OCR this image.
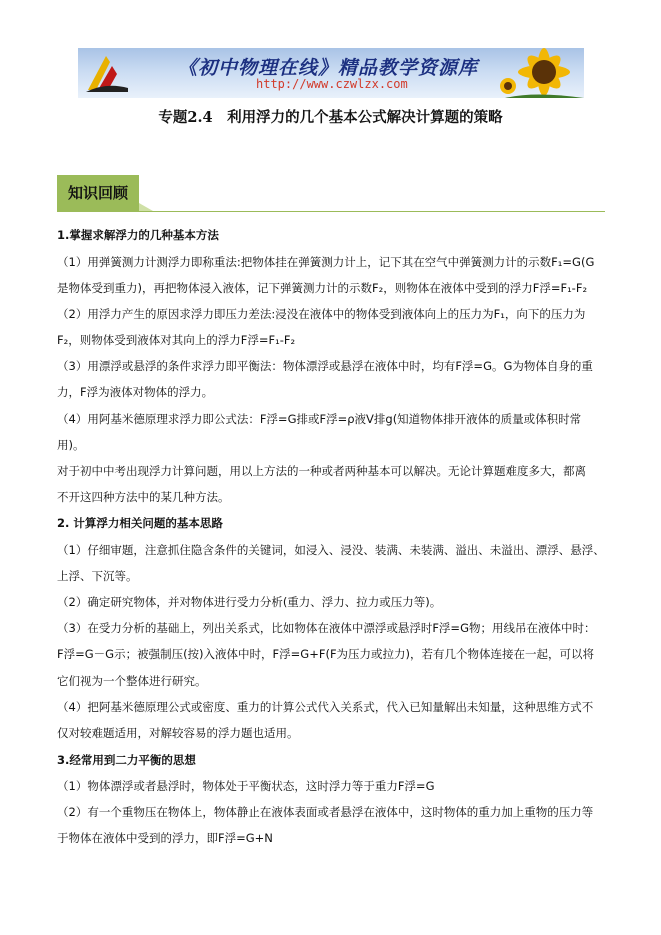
《初中物理在线》精品教学资源库
http://www.czwlzx.com
专题2.4　利用浮力的几个基本公式解决计算题的策略
知识回顾
1.掌握求解浮力的几种基本方法
（1）用弹簧测力计测浮力即称重法:把物体挂在弹簧测力计上，记下其在空气中弹簧测力计的示数F₁=G(G
是物体受到重力)，再把物体浸入液体，记下弹簧测力计的示数F₂，则物体在液体中受到的浮力F浮=F₁-F₂
（2）用浮力产生的原因求浮力即压力差法:浸没在液体中的物体受到液体向上的压力为F₁，向下的压力为
F₂，则物体受到液体对其向上的浮力F浮=F₁-F₂
（3）用漂浮或悬浮的条件求浮力即平衡法：物体漂浮或悬浮在液体中时，均有F浮=G。G为物体自身的重
力，F浮为液体对物体的浮力。
（4）用阿基米德原理求浮力即公式法：F浮=G排或F浮=ρ液V排g(知道物体排开液体的质量或体积时常
用)。
对于初中中考出现浮力计算问题，用以上方法的一种或者两种基本可以解决。无论计算题难度多大，都离
不开这四种方法中的某几种方法。
2. 计算浮力相关问题的基本思路
（1）仔细审题，注意抓住隐含条件的关键词，如浸入、浸没、装满、未装满、溢出、未溢出、漂浮、悬浮、
上浮、下沉等。
（2）确定研究物体，并对物体进行受力分析(重力、浮力、拉力或压力等)。
（3）在受力分析的基础上，列出关系式，比如物体在液体中漂浮或悬浮时F浮=G物；用线吊在液体中时：
F浮=G－G示；被强制压(按)入液体中时，F浮=G+F(F为压力或拉力)，若有几个物体连接在一起，可以将
它们视为一个整体进行研究。
（4）把阿基米德原理公式或密度、重力的计算公式代入关系式，代入已知量解出未知量，这种思维方式不
仅对较难题适用，对解较容易的浮力题也适用。
3.经常用到二力平衡的思想
（1）物体漂浮或者悬浮时，物体处于平衡状态，这时浮力等于重力F浮=G
（2）有一个重物压在物体上，物体静止在液体表面或者悬浮在液体中，这时物体的重力加上重物的压力等
于物体在液体中受到的浮力，即F浮=G+N
